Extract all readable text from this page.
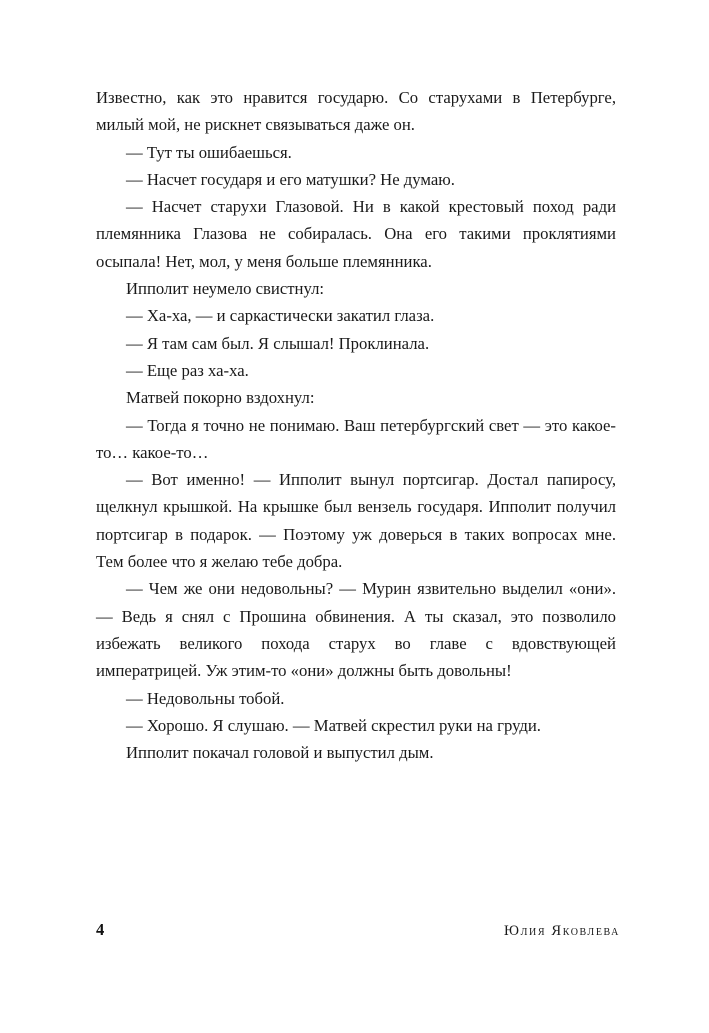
Известно, как это нравится государю. Со старухами в Петербурге, милый мой, не рискнет связываться даже он.

— Тут ты ошибаешься.

— Насчет государя и его матушки? Не думаю.

— Насчет старухи Глазовой. Ни в какой крестовый поход ради племянника Глазова не собиралась. Она его такими проклятиями осыпала! Нет, мол, у меня больше племянника.

Ипполит неумело свистнул:

— Ха-ха, — и саркастически закатил глаза.

— Я там сам был. Я слышал! Проклинала.

— Еще раз ха-ха.

Матвей покорно вздохнул:

— Тогда я точно не понимаю. Ваш петербургский свет — это какое-то… какое-то…

— Вот именно! — Ипполит вынул портсигар. Достал папиросу, щелкнул крышкой. На крышке был вензель государя. Ипполит получил портсигар в подарок. — Поэтому уж доверься в таких вопросах мне. Тем более что я желаю тебе добра.

— Чем же они недовольны? — Мурин язвительно выделил «они». — Ведь я снял с Прошина обвинения. А ты сказал, это позволило избежать великого похода старух во главе с вдовствующей императрицей. Уж этим-то «они» должны быть довольны!

— Недовольны тобой.

— Хорошо. Я слушаю. — Матвей скрестил руки на груди.

Ипполит покачал головой и выпустил дым.

4	Юлия Яковлева
